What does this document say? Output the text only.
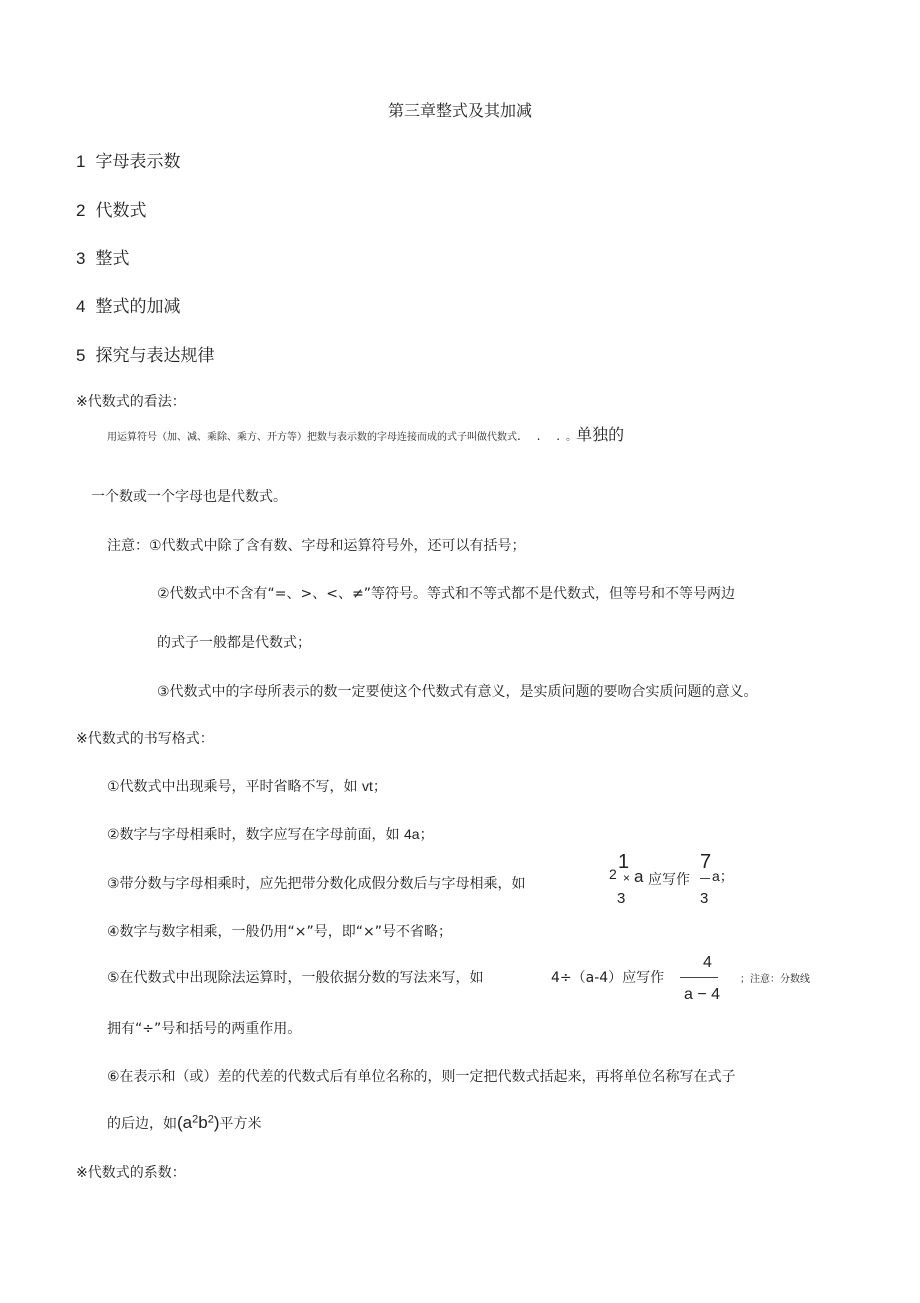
第三章整式及其加减
1 字母表示数
2 代数式
3 整式
4 整式的加减
5 探究与表达规律
※代数式的看法：
用运算符号（加、减、乘除、乘方、开方等）把数与表示数的字母连接而成的式子叫做代数式. . .。单独的
一个数或一个字母也是代数式。
注意：①代数式中除了含有数、字母和运算符号外，还可以有括号；
②代数式中不含有“=、>、<、≠”等符号。等式和不等式都不是代数式，但等号和不等号两边
的式子一般都是代数式；
③代数式中的字母所表示的数一定要使这个代数式有意义，是实质问题的要吻合实质问题的意义。
※代数式的书写格式：
①代数式中出现乘号，平时省略不写，如 vt；
②数字与字母相乘时，数字应写在字母前面，如 4a；
③带分数与字母相乘时，应先把带分数化成假分数后与字母相乘，如
2
1
3
× a 应写作
7
3
a；
④数字与数字相乘，一般仍用“×”号，即“×”号不省略；
⑤在代数式中出现除法运算时，一般依据分数的写法来写，如	4÷（a-4）应写作
4
a − 4
；注意：分数线
拥有“÷”号和括号的两重作用。
⑥在表示和（或）差的代差的代数式后有单位名称的，则一定把代数式括起来，再将单位名称写在式子
的后边，如$(a^2b^2)$平方米
※代数式的系数：
